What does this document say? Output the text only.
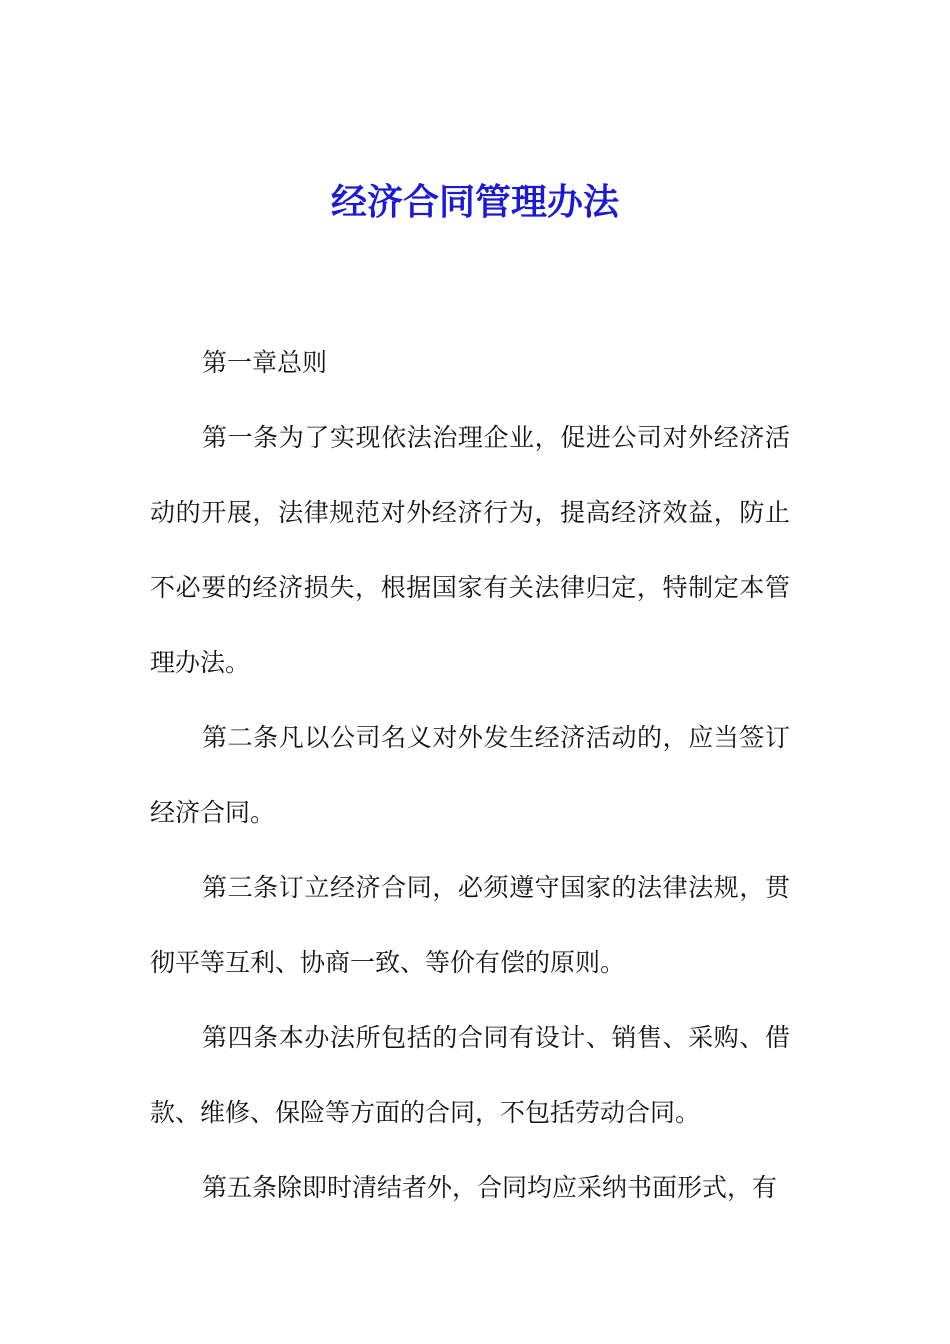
经济合同管理办法

第一章总则

第一条为了实现依法治理企业，促进公司对外经济活动的开展，法律规范对外经济行为，提高经济效益，防止不必要的经济损失，根据国家有关法律归定，特制定本管理办法。

第二条凡以公司名义对外发生经济活动的，应当签订经济合同。

第三条订立经济合同，必须遵守国家的法律法规，贯彻平等互利、协商一致、等价有偿的原则。

第四条本办法所包括的合同有设计、销售、采购、借款、维修、保险等方面的合同，不包括劳动合同。

第五条除即时清结者外，合同均应采纳书面形式，有
